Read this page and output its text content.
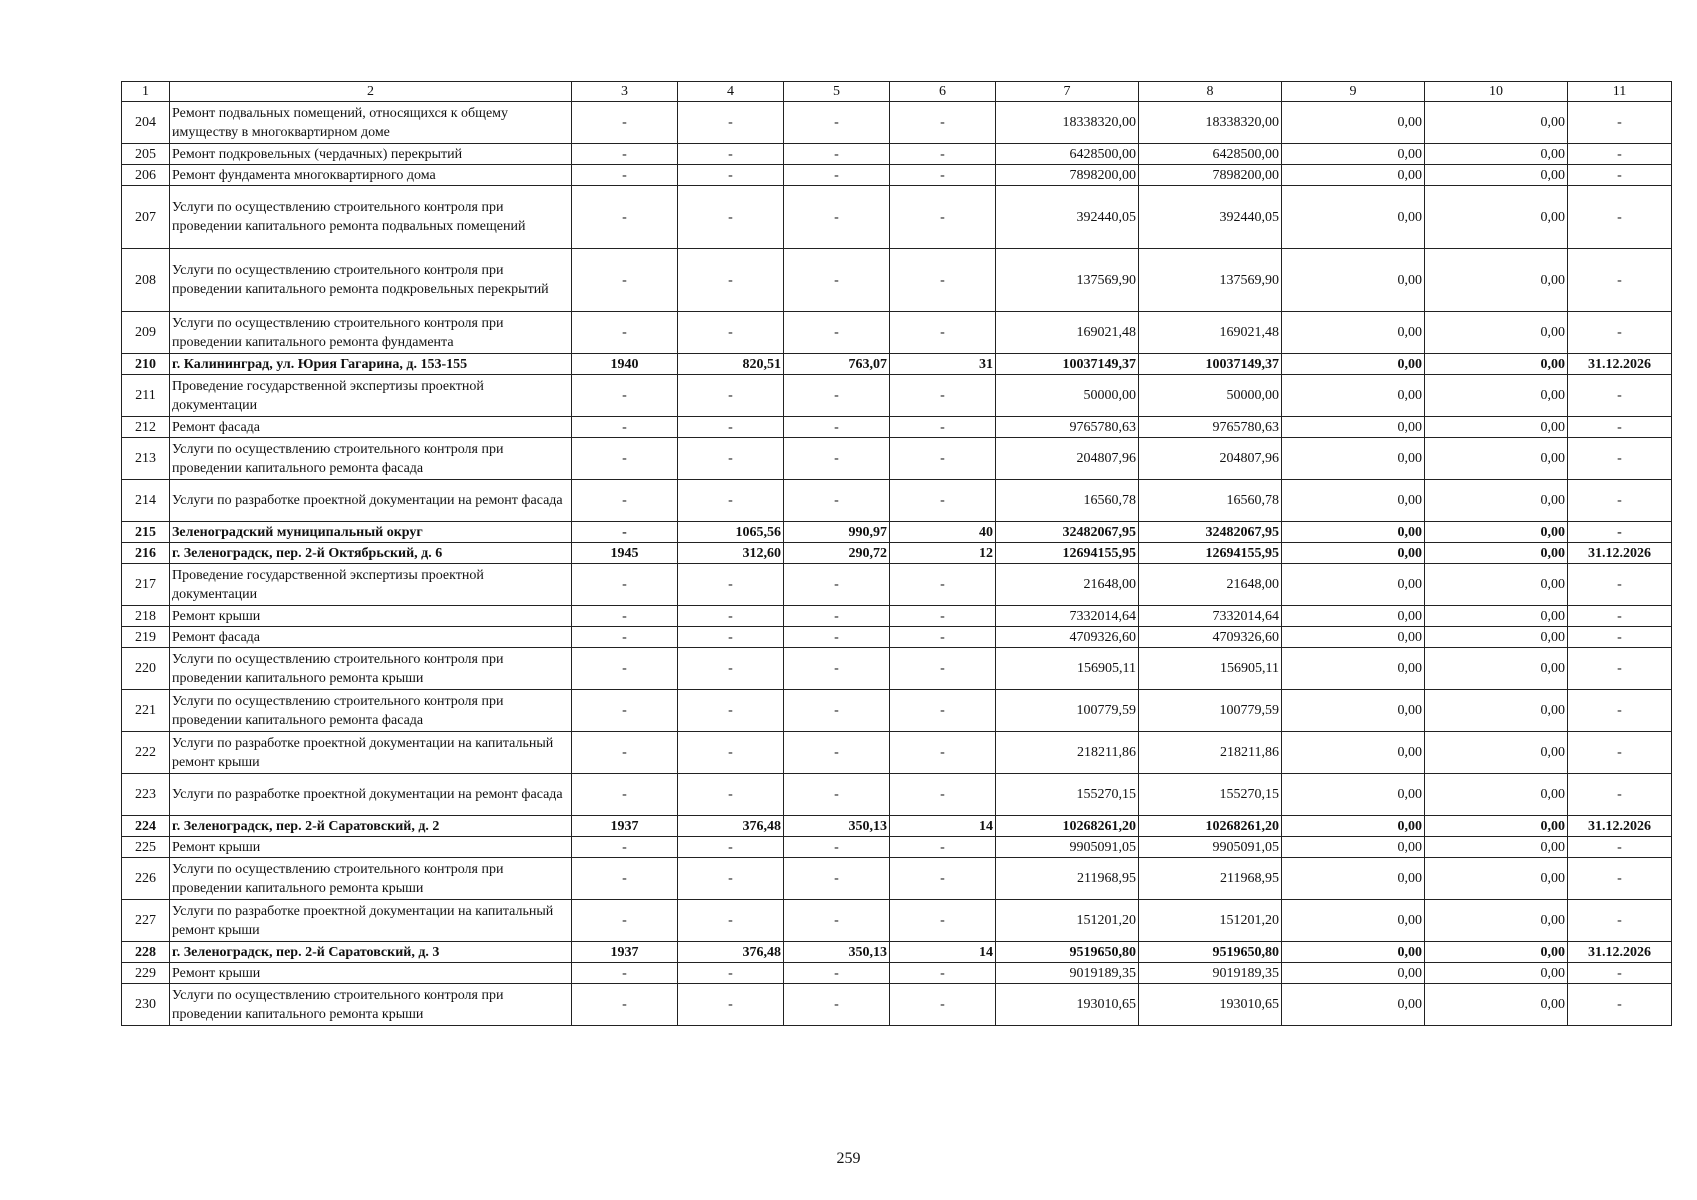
1	2	3	4	5	6	7	8	9	10	11
204	Ремонт подвальных помещений, относящихся к общему имуществу в многоквартирном доме	-	-	-	-	18338320,00	18338320,00	0,00	0,00	-
205	Ремонт подкровельных (чердачных) перекрытий	-	-	-	-	6428500,00	6428500,00	0,00	0,00	-
206	Ремонт фундамента многоквартирного дома	-	-	-	-	7898200,00	7898200,00	0,00	0,00	-
207	Услуги по осуществлению строительного контроля при проведении капитального ремонта подвальных помещений	-	-	-	-	392440,05	392440,05	0,00	0,00	-
208	Услуги по осуществлению строительного контроля при проведении капитального ремонта подкровельных перекрытий	-	-	-	-	137569,90	137569,90	0,00	0,00	-
209	Услуги по осуществлению строительного контроля при проведении капитального ремонта фундамента	-	-	-	-	169021,48	169021,48	0,00	0,00	-
210	г. Калининград, ул. Юрия Гагарина, д. 153-155	1940	820,51	763,07	31	10037149,37	10037149,37	0,00	0,00	31.12.2026
211	Проведение государственной экспертизы проектной документации	-	-	-	-	50000,00	50000,00	0,00	0,00	-
212	Ремонт фасада	-	-	-	-	9765780,63	9765780,63	0,00	0,00	-
213	Услуги по осуществлению строительного контроля при проведении капитального ремонта фасада	-	-	-	-	204807,96	204807,96	0,00	0,00	-
214	Услуги по разработке проектной документации на ремонт фасада	-	-	-	-	16560,78	16560,78	0,00	0,00	-
215	Зеленоградский муниципальный округ	-	1065,56	990,97	40	32482067,95	32482067,95	0,00	0,00	-
216	г. Зеленоградск, пер. 2-й Октябрьский, д. 6	1945	312,60	290,72	12	12694155,95	12694155,95	0,00	0,00	31.12.2026
217	Проведение государственной экспертизы проектной документации	-	-	-	-	21648,00	21648,00	0,00	0,00	-
218	Ремонт крыши	-	-	-	-	7332014,64	7332014,64	0,00	0,00	-
219	Ремонт фасада	-	-	-	-	4709326,60	4709326,60	0,00	0,00	-
220	Услуги по осуществлению строительного контроля при проведении капитального ремонта крыши	-	-	-	-	156905,11	156905,11	0,00	0,00	-
221	Услуги по осуществлению строительного контроля при проведении капитального ремонта фасада	-	-	-	-	100779,59	100779,59	0,00	0,00	-
222	Услуги по разработке проектной документации на капитальный ремонт крыши	-	-	-	-	218211,86	218211,86	0,00	0,00	-
223	Услуги по разработке проектной документации на ремонт фасада	-	-	-	-	155270,15	155270,15	0,00	0,00	-
224	г. Зеленоградск, пер. 2-й Саратовский, д. 2	1937	376,48	350,13	14	10268261,20	10268261,20	0,00	0,00	31.12.2026
225	Ремонт крыши	-	-	-	-	9905091,05	9905091,05	0,00	0,00	-
226	Услуги по осуществлению строительного контроля при проведении капитального ремонта крыши	-	-	-	-	211968,95	211968,95	0,00	0,00	-
227	Услуги по разработке проектной документации на капитальный ремонт крыши	-	-	-	-	151201,20	151201,20	0,00	0,00	-
228	г. Зеленоградск, пер. 2-й Саратовский, д. 3	1937	376,48	350,13	14	9519650,80	9519650,80	0,00	0,00	31.12.2026
229	Ремонт крыши	-	-	-	-	9019189,35	9019189,35	0,00	0,00	-
230	Услуги по осуществлению строительного контроля при проведении капитального ремонта крыши	-	-	-	-	193010,65	193010,65	0,00	0,00	-
259
